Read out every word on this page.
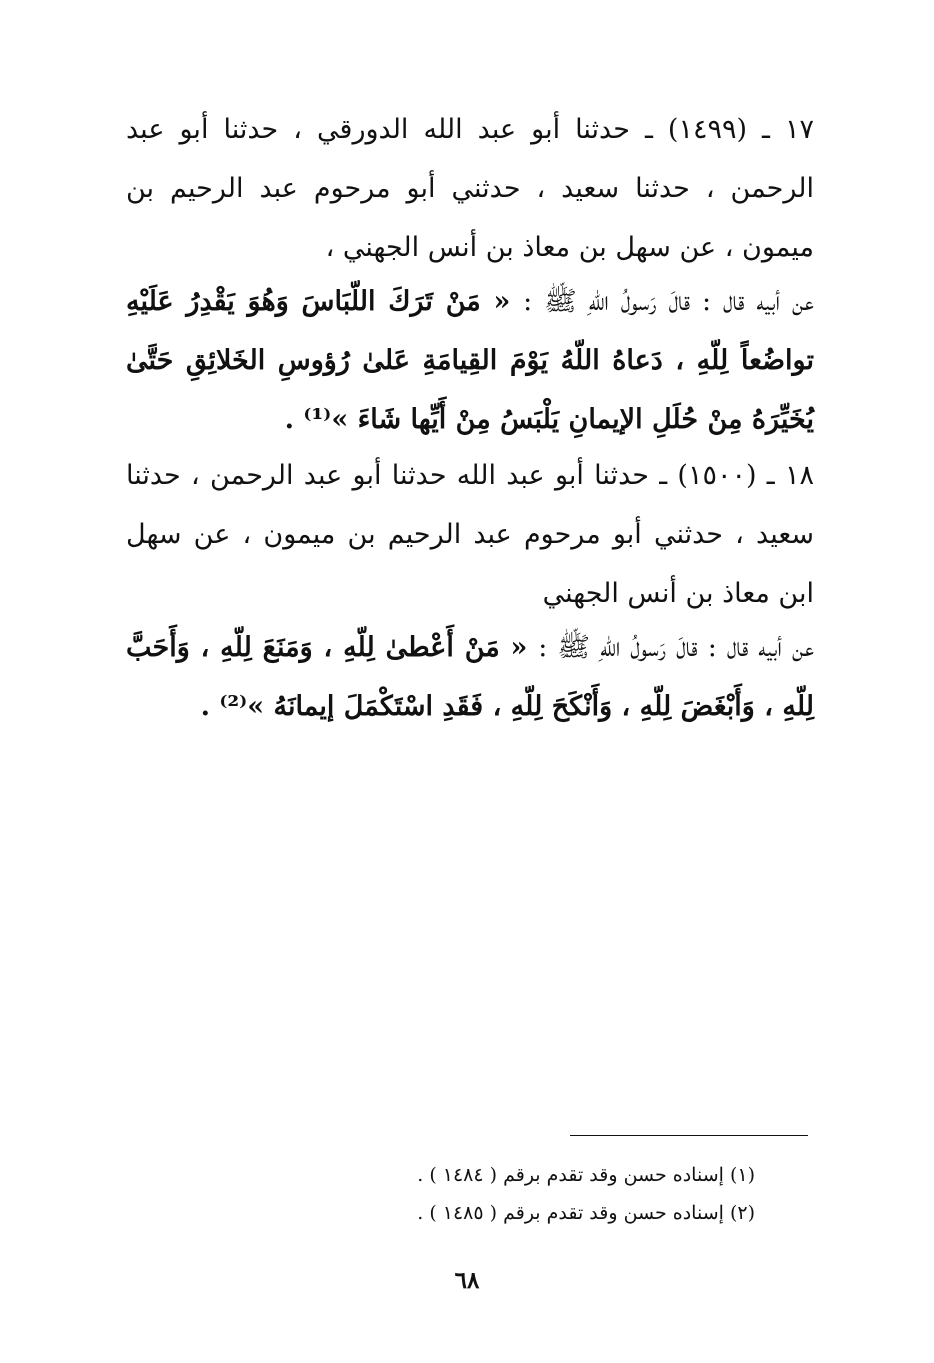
١٧ ـ (١٤٩٩) ـ حدثنا أبو عبد الله الدورقي ، حدثنا أبو عبد الرحمن ، حدثنا سعيد ، حدثني أبو مرحوم عبد الرحيم بن ميمون ، عن سهل بن معاذ بن أنس الجهني ،

عن أبيه قال : قالَ رَسولُ اللّهِ ﷺ : « مَنْ تَرَكَ اللّبَاسَ وَهُوَ يَقْدِرُ عَلَيْهِ تواضُعاً لِلّهِ ، دَعاهُ اللّهُ يَوْمَ القِيامَةِ عَلىٰ رُؤوسِ الخَلائِقِ حَتَّىٰ يُخَيِّرَهُ مِنْ حُلَلِ الإيمانِ يَلْبَسُ مِنْ أَيِّها شَاءَ »⁽¹⁾ .

١٨ ـ (١٥٠٠) ـ حدثنا أبو عبد الله حدثنا أبو عبد الرحمن ، حدثنا سعيد ، حدثني أبو مرحوم عبد الرحيم بن ميمون ، عن سهل ابن معاذ بن أنس الجهني

عن أبيه قال : قالَ رَسولُ اللّهِ ﷺ : « مَنْ أَعْطىٰ لِلّهِ ، وَمَنَعَ لِلّهِ ، وَأَحَبَّ لِلّهِ ، وَأَبْغَضَ لِلّهِ ، وَأَنْكَحَ لِلّهِ ، فَقَدِ اسْتَكْمَلَ إيمانَهُ »⁽²⁾ .

(١) إسناده حسن وقد تقدم برقم ( ١٤٨٤ ) .

(٢) إسناده حسن وقد تقدم برقم ( ١٤٨٥ ) .

٦٨
